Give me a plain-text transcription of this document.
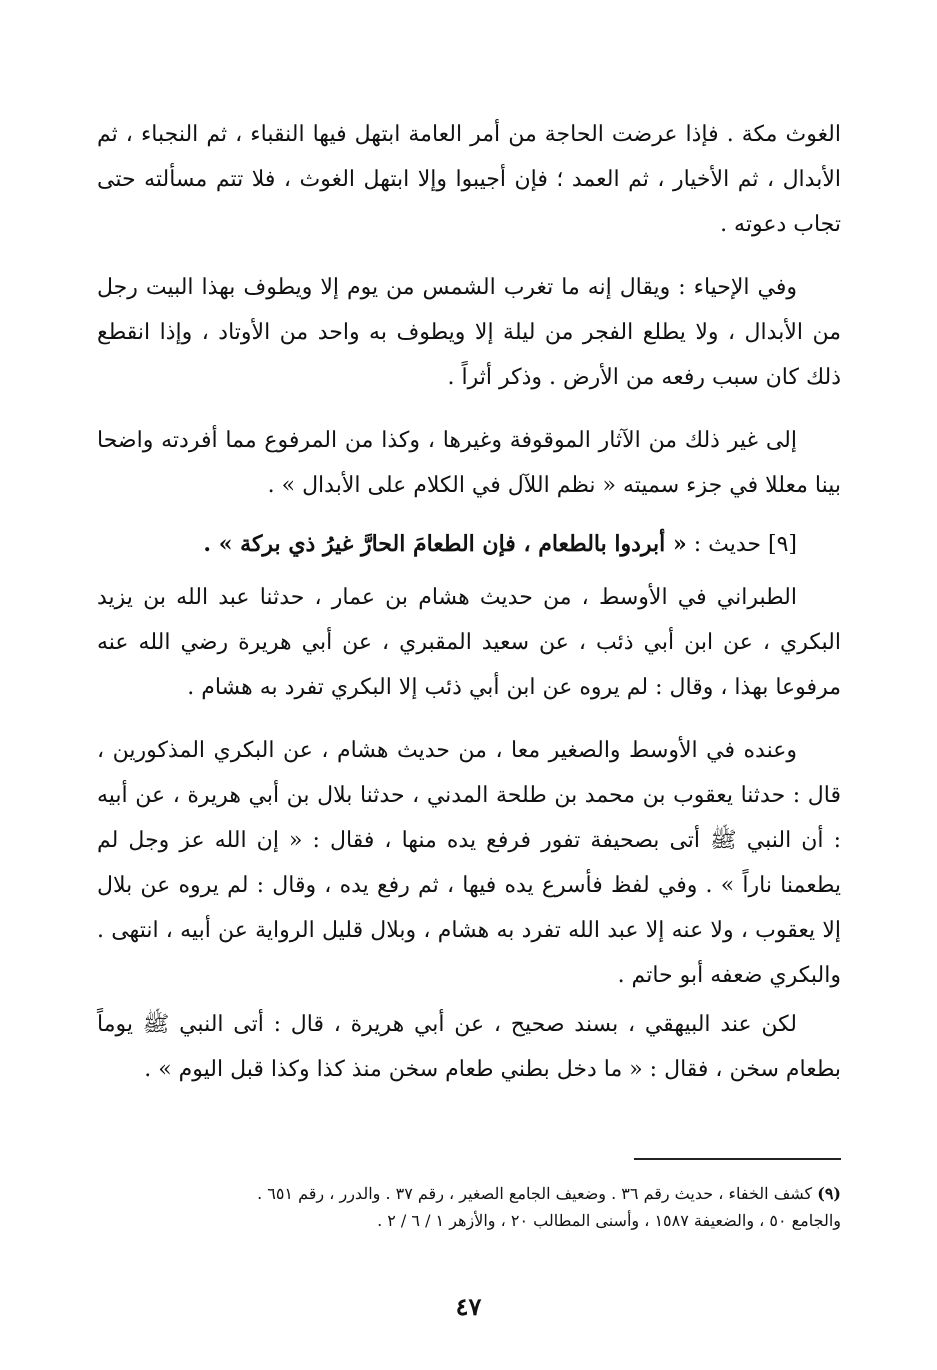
الغوث مكة . فإذا عرضت الحاجة من أمر العامة ابتهل فيها النقباء ، ثم النجباء ، ثم الأبدال ، ثم الأخيار ، ثم العمد ؛ فإن أجيبوا وإلا ابتهل الغوث ، فلا تتم مسألته حتى تجاب دعوته .

وفي الإحياء : ويقال إنه ما تغرب الشمس من يوم إلا ويطوف بهذا البيت رجل من الأبدال ، ولا يطلع الفجر من ليلة إلا ويطوف به واحد من الأوتاد ، وإذا انقطع ذلك كان سبب رفعه من الأرض . وذكر أثراً .

إلى غير ذلك من الآثار الموقوفة وغيرها ، وكذا من المرفوع مما أفردته واضحا بينا معللا في جزء سميته « نظم اللآل في الكلام على الأبدال » .

[٩] حديث : « أبردوا بالطعام ، فإن الطعامَ الحارَّ غيرُ ذي بركة » .

الطبراني في الأوسط ، من حديث هشام بن عمار ، حدثنا عبد الله بن يزيد البكري ، عن ابن أبي ذئب ، عن سعيد المقبري ، عن أبي هريرة رضي الله عنه مرفوعا بهذا ، وقال : لم يروه عن ابن أبي ذئب إلا البكري تفرد به هشام .

وعنده في الأوسط والصغير معا ، من حديث هشام ، عن البكري المذكورين ، قال : حدثنا يعقوب بن محمد بن طلحة المدني ، حدثنا بلال بن أبي هريرة ، عن أبيه : أن النبي ﷺ أتى بصحيفة تفور فرفع يده منها ، فقال : « إن الله عز وجل لم يطعمنا ناراً » . وفي لفظ فأسرع يده فيها ، ثم رفع يده ، وقال : لم يروه عن بلال إلا يعقوب ، ولا عنه إلا عبد الله تفرد به هشام ، وبلال قليل الرواية عن أبيه ، انتهى . والبكري ضعفه أبو حاتم .

لكن عند البيهقي ، بسند صحيح ، عن أبي هريرة ، قال : أتى النبي ﷺ يوماً بطعام سخن ، فقال : « ما دخل بطني طعام سخن منذ كذا وكذا قبل اليوم » .

(٩) كشف الخفاء ، حديث رقم ٣٦ . وضعيف الجامع الصغير ، رقم ٣٧ . والدرر ، رقم ٦٥١ .

والجامع ٥٠ ، والضعيفة ١٥٨٧ ، وأسنى المطالب ٢٠ ، والأزهر ١ / ٦ / ٢ .

٤٧
